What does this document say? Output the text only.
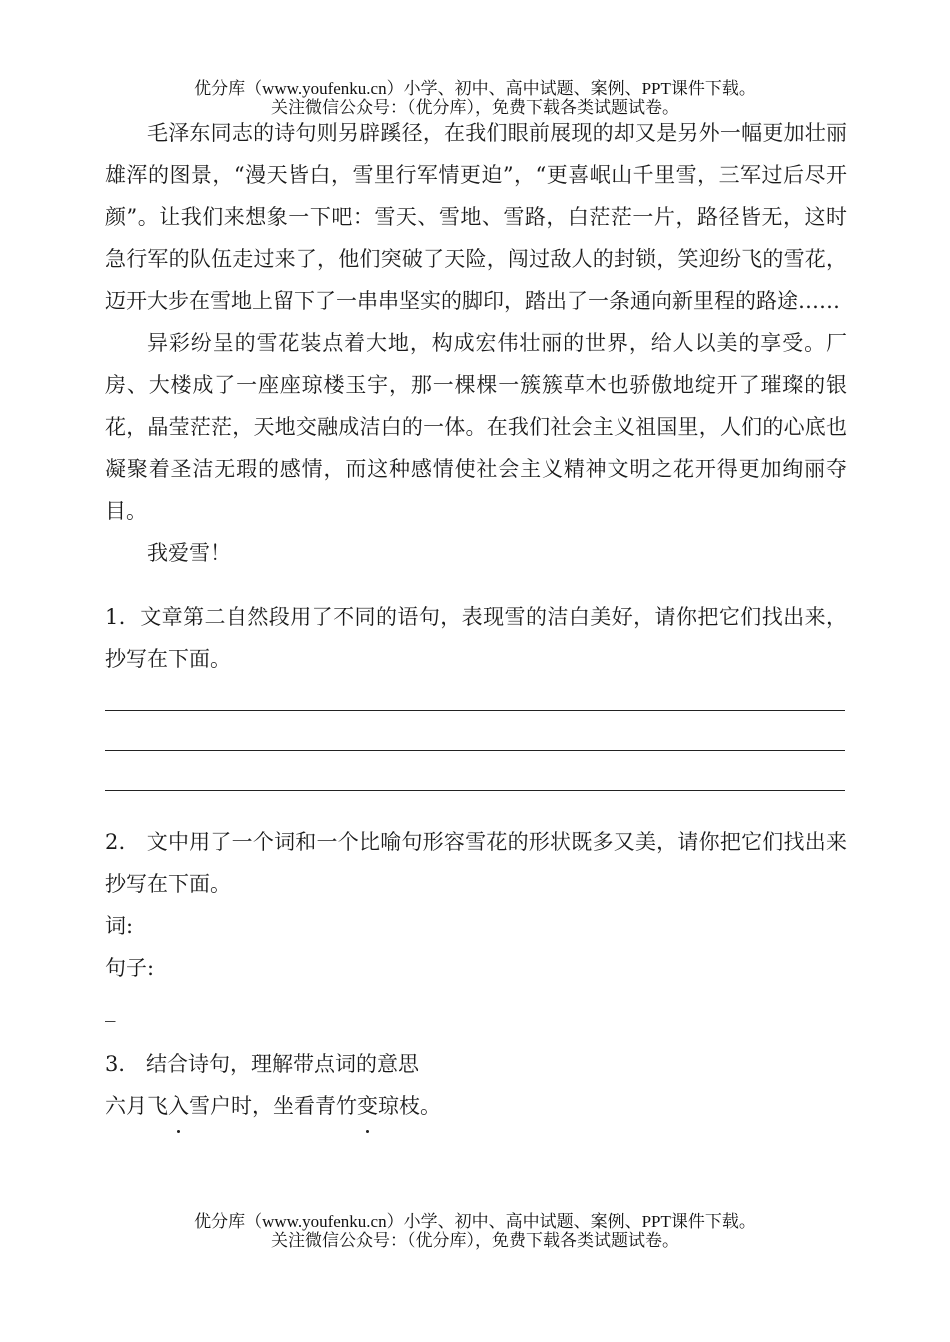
优分库（www.youfenku.cn）小学、初中、高中试题、案例、PPT课件下载。
关注微信公众号：（优分库），免费下载各类试题试卷。

毛泽东同志的诗句则另辟蹊径，在我们眼前展现的却又是另外一幅更加壮丽雄浑的图景，“漫天皆白，雪里行军情更迫”，“更喜岷山千里雪，三军过后尽开颜”。让我们来想象一下吧：雪天、雪地、雪路，白茫茫一片，路径皆无，这时急行军的队伍走过来了，他们突破了天险，闯过敌人的封锁，笑迎纷飞的雪花，迈开大步在雪地上留下了一串串坚实的脚印，踏出了一条通向新里程的路途……

异彩纷呈的雪花装点着大地，构成宏伟壮丽的世界，给人以美的享受。厂房、大楼成了一座座琼楼玉宇，那一棵棵一簇簇草木也骄傲地绽开了璀璨的银花，晶莹茫茫，天地交融成洁白的一体。在我们社会主义祖国里，人们的心底也凝聚着圣洁无瑕的感情，而这种感情使社会主义精神文明之花开得更加绚丽夺目。

我爱雪！

1．文章第二自然段用了不同的语句，表现雪的洁白美好，请你把它们找出来，抄写在下面。

2． 文中用了一个词和一个比喻句形容雪花的形状既多又美，请你把它们找出来抄写在下面。

词:

句子:

_

3． 结合诗句，理解带点词的意思

六月飞入雪户时，坐看青竹变琼枝。

优分库（www.youfenku.cn）小学、初中、高中试题、案例、PPT课件下载。
关注微信公众号：（优分库），免费下载各类试题试卷。
